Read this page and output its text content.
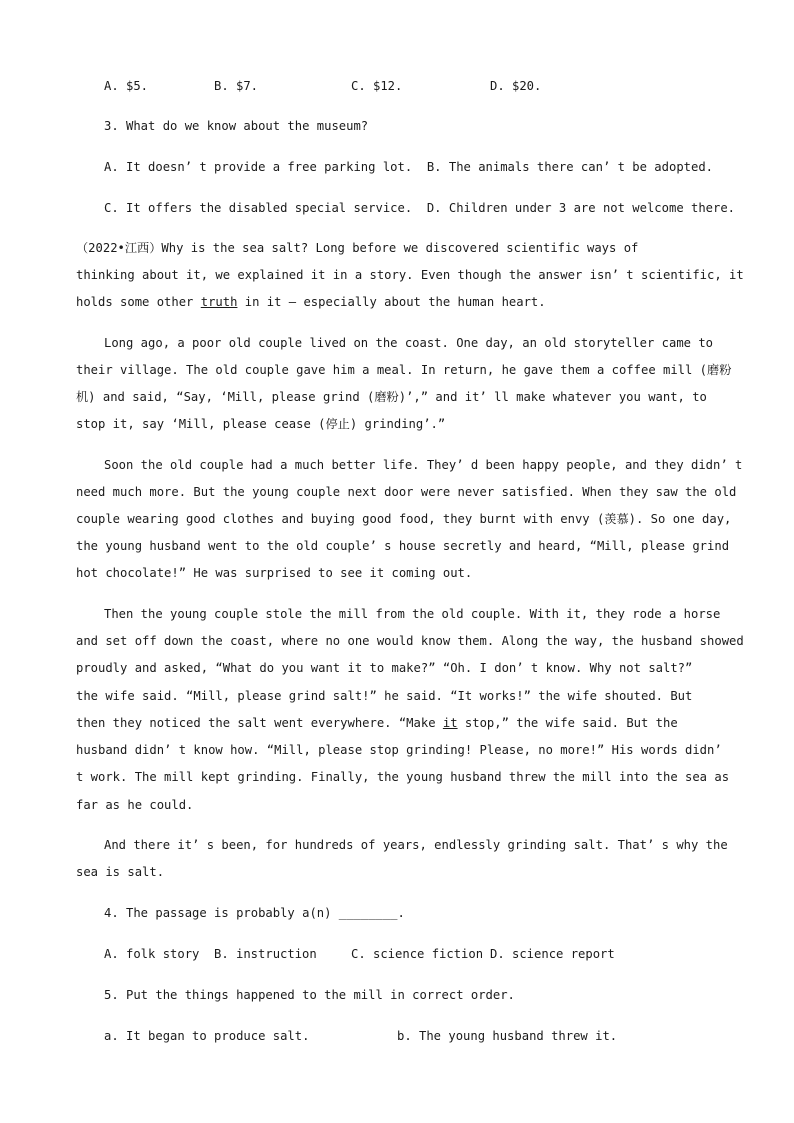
A. $5.	B. $7.	C. $12.	D. $20.
3. What do we know about the museum?
A. It doesn’ t provide a free parking lot.  B. The animals there can’ t be adopted.
C. It offers the disabled special service.  D. Children under 3 are not welcome there.
（2022•江西）Why is the sea salt? Long before we discovered scientific ways of
thinking about it, we explained it in a story. Even though the answer isn’ t scientific, it
holds some other truth in it — especially about the human heart.
Long ago, a poor old couple lived on the coast. One day, an old storyteller came to
their village. The old couple gave him a meal. In return, he gave them a coffee mill (磨粉
机) and said, “Say, ‘Mill, please grind (磨粉)’,” and it’ ll make whatever you want, to
stop it, say ‘Mill, please cease (停止) grinding’.”
Soon the old couple had a much better life. They’ d been happy people, and they didn’ t
need much more. But the young couple next door were never satisfied. When they saw the old
couple wearing good clothes and buying good food, they burnt with envy (羡慕). So one day,
the young husband went to the old couple’ s house secretly and heard, “Mill, please grind
hot chocolate!” He was surprised to see it coming out.
Then the young couple stole the mill from the old couple. With it, they rode a horse
and set off down the coast, where no one would know them. Along the way, the husband showed
proudly and asked, “What do you want it to make?” “Oh. I don’ t know. Why not salt?”
the wife said. “Mill, please grind salt!” he said. “It works!” the wife shouted. But
then they noticed the salt went everywhere. “Make it stop,” the wife said. But the
husband didn’ t know how. “Mill, please stop grinding! Please, no more!” His words didn’
t work. The mill kept grinding. Finally, the young husband threw the mill into the sea as
far as he could.
And there it’ s been, for hundreds of years, endlessly grinding salt. That’ s why the
sea is salt.
4. The passage is probably a(n) ________.
A. folk story B. instruction	C. science fiction D. science report
5. Put the things happened to the mill in correct order.
a. It began to produce salt.	b. The young husband threw it.
